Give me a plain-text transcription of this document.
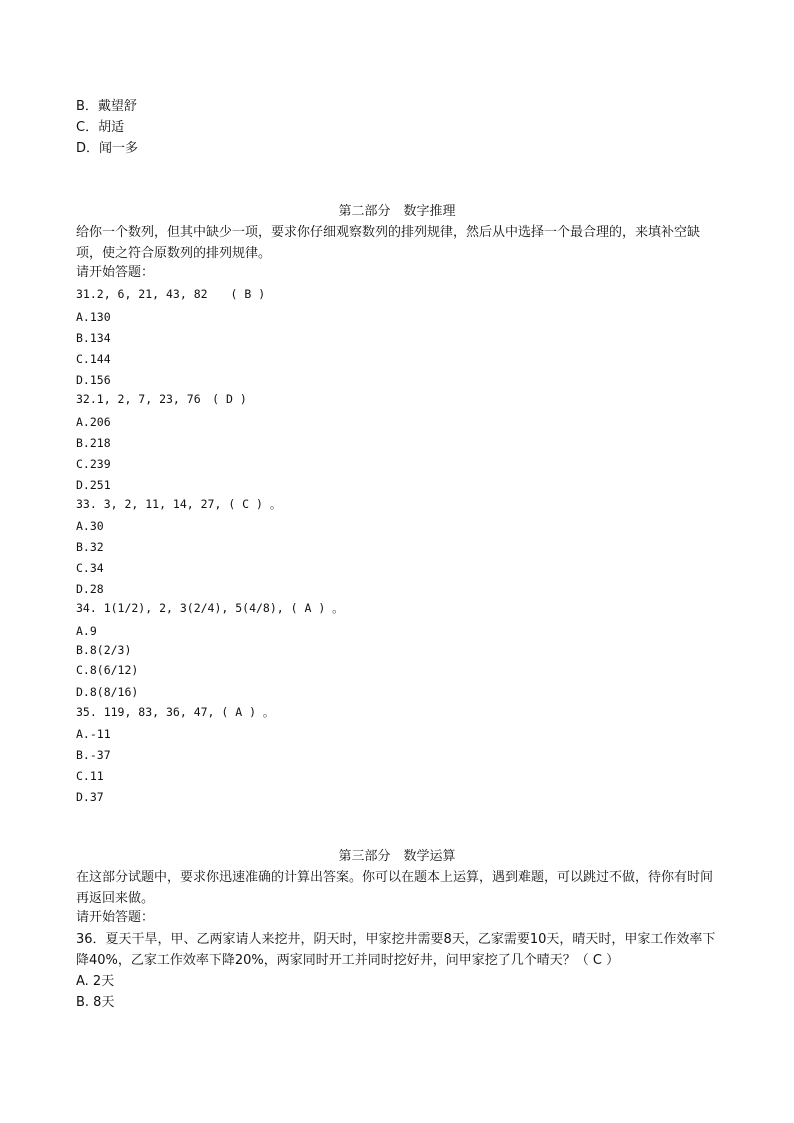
B．戴望舒
C．胡适
D．闻一多
第二部分　数字推理
给你一个数列，但其中缺少一项，要求你仔细观察数列的排列规律，然后从中选择一个最合理的，来填补空缺项，使之符合原数列的排列规律。
请开始答题：
31.2, 6, 21, 43, 82　　( B )
A.130
B.134
C.144
D.156
32.1, 2, 7, 23, 76　( D )
A.206
B.218
C.239
D.251
33. 3, 2, 11, 14, 27, ( C ) 。
A.30
B.32
C.34
D.28
34. 1(1/2), 2, 3(2/4), 5(4/8), ( A ) 。
A.9
B.8(2/3)
C.8(6/12)
D.8(8/16)
35. 119, 83, 36, 47, ( A ) 。
A.-11
B.-37
C.11
D.37
第三部分　数学运算
在这部分试题中，要求你迅速准确的计算出答案。你可以在题本上运算，遇到难题，可以跳过不做，待你有时间再返回来做。
请开始答题：
36．夏天干旱，甲、乙两家请人来挖井，阴天时，甲家挖井需要8天，乙家需要10天，晴天时，甲家工作效率下降40%，乙家工作效率下降20%，两家同时开工并同时挖好井，问甲家挖了几个晴天？（ C ）
A. 2天
B. 8天
